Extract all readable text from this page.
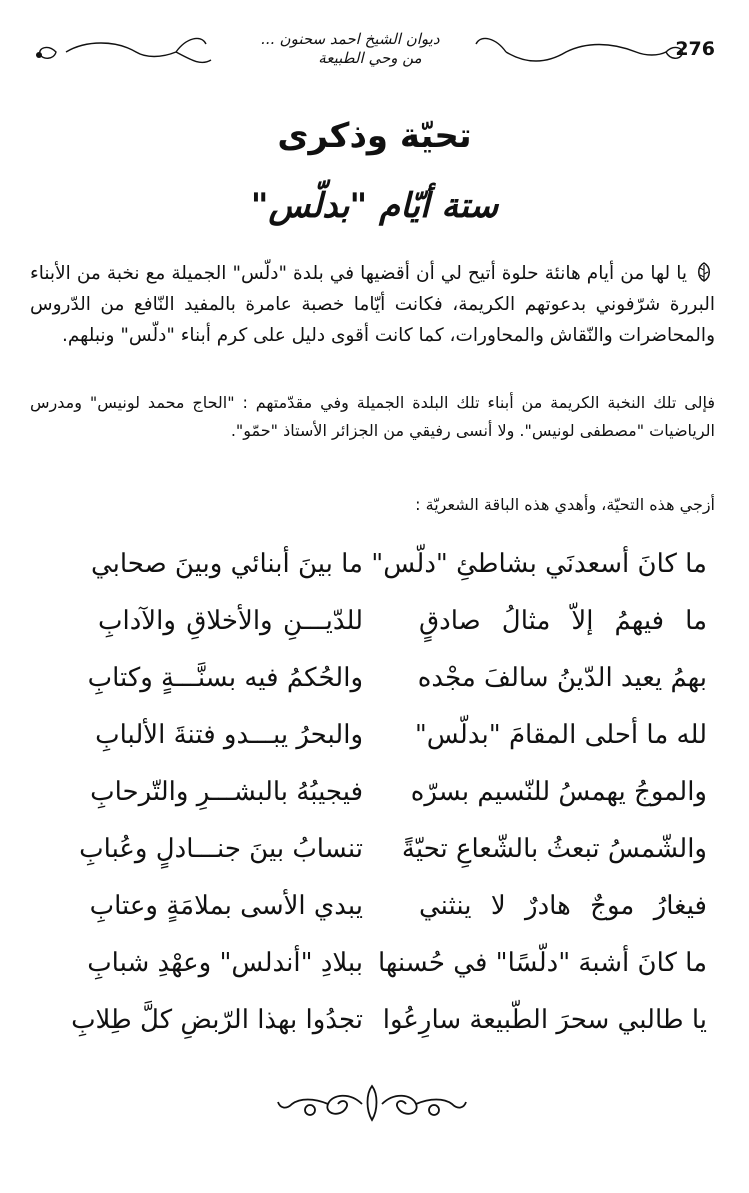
276
ديوان الشيخ احمد سحنون ...
من وحي الطبيعة
تحيّة وذكرى
ستة أيّام "بدلّس"
يا لها من أيام هانئة حلوة أتيح لي أن أقضيها في بلدة "دلّس" الجميلة مع نخبة من الأبناء البررة شرّفوني بدعوتهم الكريمة، فكانت أيّاما خصبة عامرة بالمفيد النّافع من الدّروس والمحاضرات والنّقاش والمحاورات، كما كانت أقوى دليل على كرم أبناء "دلّس" ونبلهم.
فإلى تلك النخبة الكريمة من أبناء تلك البلدة الجميلة وفي مقدّمتهم : "الحاج محمد لونيس" ومدرس الرياضيات "مصطفى لونيس". ولا أنسى رفيقي من الجزائر الأستاذ "حمّو".
أزجي هذه التحيّة، وأهدي هذه الباقة الشعريّة :
ما كانَ أسعدنَي بشاطئِ "دلّس"
ما بينَ أبنائي وبينَ صحابي
ما فيهمُ إلاّ مثالُ صادقٍ
للدّيـــنِ والأخلاقِ والآدابِ
بهمُ يعيد الدّينُ سالفَ مجْده
والحُكمُ فيه بسنَّـــةٍ وكتابِ
لله ما أحلى المقامَ "بدلّس"
والبحرُ يبـــدو فتنةَ الألبابِ
والموجُ يهمسُ للنّسيم بسرّه
فيجيبُهُ بالبشـــرِ والتّرحابِ
والشّمسُ تبعثُ بالشّعاعِ تحيّةً
تنسابُ بينَ جنـــادلٍ وعُبابِ
فيغارُ موجٌ هادرٌ لا ينثني
يبدي الأسى بملامَةٍ وعتابِ
ما كانَ أشبهَ "دلّسًا" في حُسنها
ببلادِ "أندلس" وعهْدِ شبابِ
يا طالبي سحرَ الطّبيعة سارِعُوا
تجدُوا بهذا الرّبضِ كلَّ طِلابِ
